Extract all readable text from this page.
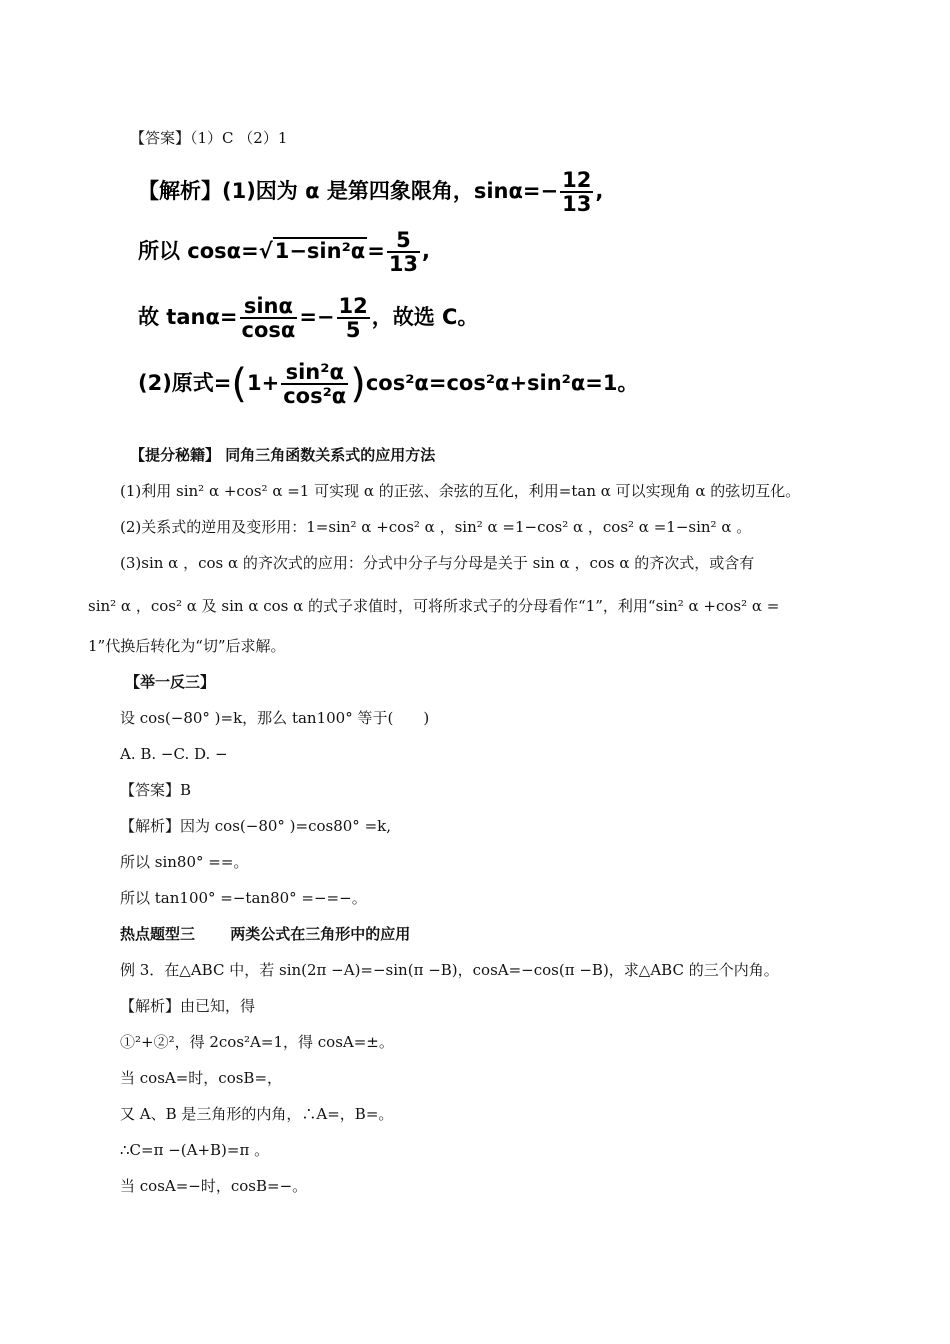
【答案】（1）C （2）1
【解析】(1)因为 α 是第四象限角，$\sin\alpha=- \frac{12}{13}$ ,
所以 $\cos\alpha=√1-\sin^2\alpha= \frac{5}{13}$ ,
故 $\tan\alpha= \frac{\sin\alpha}{\cos\alpha} =- \frac{12}{5}$ ，故选 C。
(2)原式$=(1+ \frac{\text{sin²α}}{\text{cos²α}} )\cos^2\alpha=\cos^2\alpha+\sin^2\alpha=1$。
【提分秘籍】 同角三角函数关系式的应用方法
(1)利用 sin² α +cos² α =1 可实现 α 的正弦、余弦的互化，利用=tan α 可以实现角 α 的弦切互化。
(2)关系式的逆用及变形用：1=sin² α +cos² α ，sin² α =1−cos² α ，cos² α =1−sin² α 。
(3)sin α ，cos α 的齐次式的应用：分式中分子与分母是关于 sin α ，cos α 的齐次式，或含有
sin² α ，cos² α 及 sin α cos α 的式子求值时，可将所求式子的分母看作“1”，利用“sin² α +cos² α =
1”代换后转化为“切”后求解。
【举一反三】
设 cos(−80° )=k，那么 tan100° 等于(　　)
A. B. −C. D. −
【答案】B
【解析】因为 cos(−80° )=cos80° =k,
所以 sin80° ==。
所以 tan100° =−tan80° =−=−。
热点题型三　　 两类公式在三角形中的应用
例 3．在△ABC 中，若 sin(2π −A)=−sin(π −B)，cosA=−cos(π −B)，求△ABC 的三个内角。
【解析】由已知，得
①²+②²，得 2cos²A=1，得 cosA=±。
当 cosA=时，cosB=，
又 A、B 是三角形的内角，∴A=，B=。
∴C=π −(A+B)=π 。
当 cosA=−时，cosB=−。
